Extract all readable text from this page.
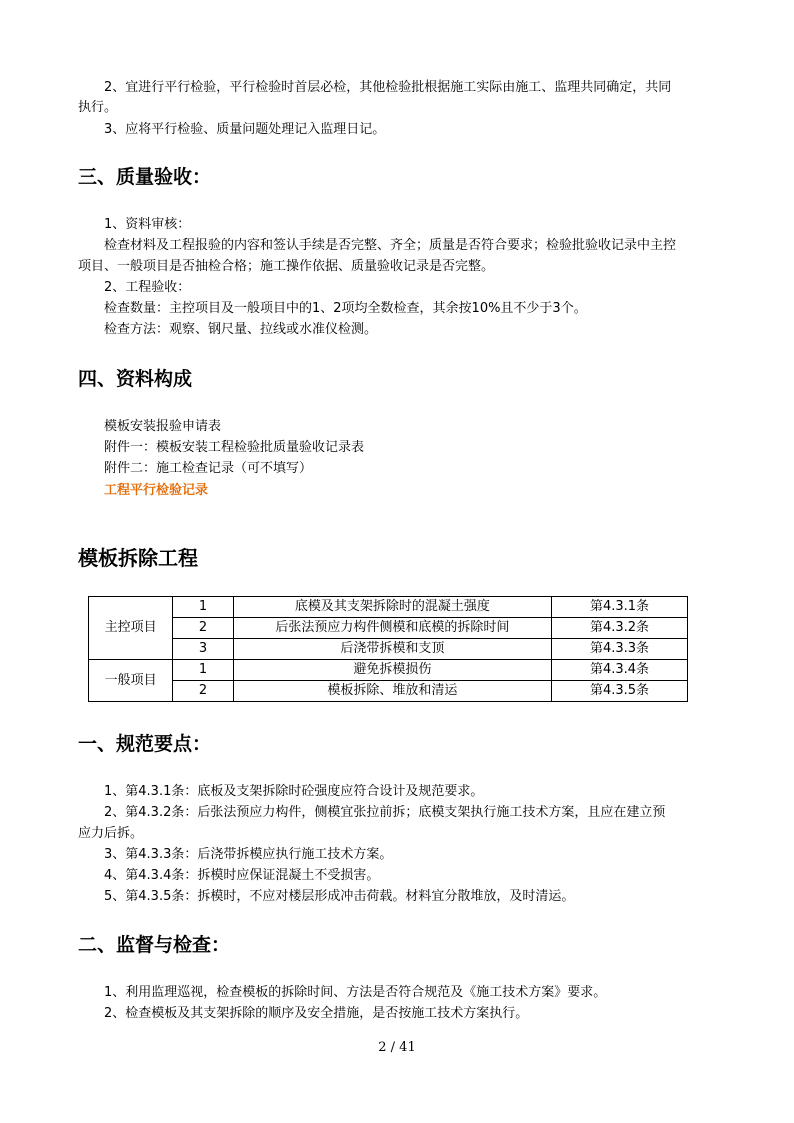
2、宜进行平行检验，平行检验时首层必检，其他检验批根据施工实际由施工、监理共同确定，共同
执行。
3、应将平行检验、质量问题处理记入监理日记。
三、质量验收：
1、资料审核：
检查材料及工程报验的内容和签认手续是否完整、齐全；质量是否符合要求；检验批验收记录中主控
项目、一般项目是否抽检合格；施工操作依据、质量验收记录是否完整。
2、工程验收：
检查数量：主控项目及一般项目中的1、2项均全数检查，其余按10%且不少于3个。
检查方法：观察、钢尺量、拉线或水准仪检测。
四、资料构成
模板安装报验申请表
附件一：模板安装工程检验批质量验收记录表
附件二：施工检查记录（可不填写）
工程平行检验记录
模板拆除工程
主控项目	1	底模及其支架拆除时的混凝土强度	第4.3.1条
	2	后张法预应力构件侧模和底模的拆除时间	第4.3.2条
	3	后浇带拆模和支顶	第4.3.3条
一般项目	1	避免拆模损伤	第4.3.4条
	2	模板拆除、堆放和清运	第4.3.5条
一、规范要点：
1、第4.3.1条：底板及支架拆除时砼强度应符合设计及规范要求。
2、第4.3.2条：后张法预应力构件，侧模宜张拉前拆；底模支架执行施工技术方案，且应在建立预
应力后拆。
3、第4.3.3条：后浇带拆模应执行施工技术方案。
4、第4.3.4条：拆模时应保证混凝土不受损害。
5、第4.3.5条：拆模时，不应对楼层形成冲击荷载。材料宜分散堆放，及时清运。
二、监督与检查：
1、利用监理巡视，检查模板的拆除时间、方法是否符合规范及《施工技术方案》要求。
2、检查模板及其支架拆除的顺序及安全措施，是否按施工技术方案执行。
2 / 41
